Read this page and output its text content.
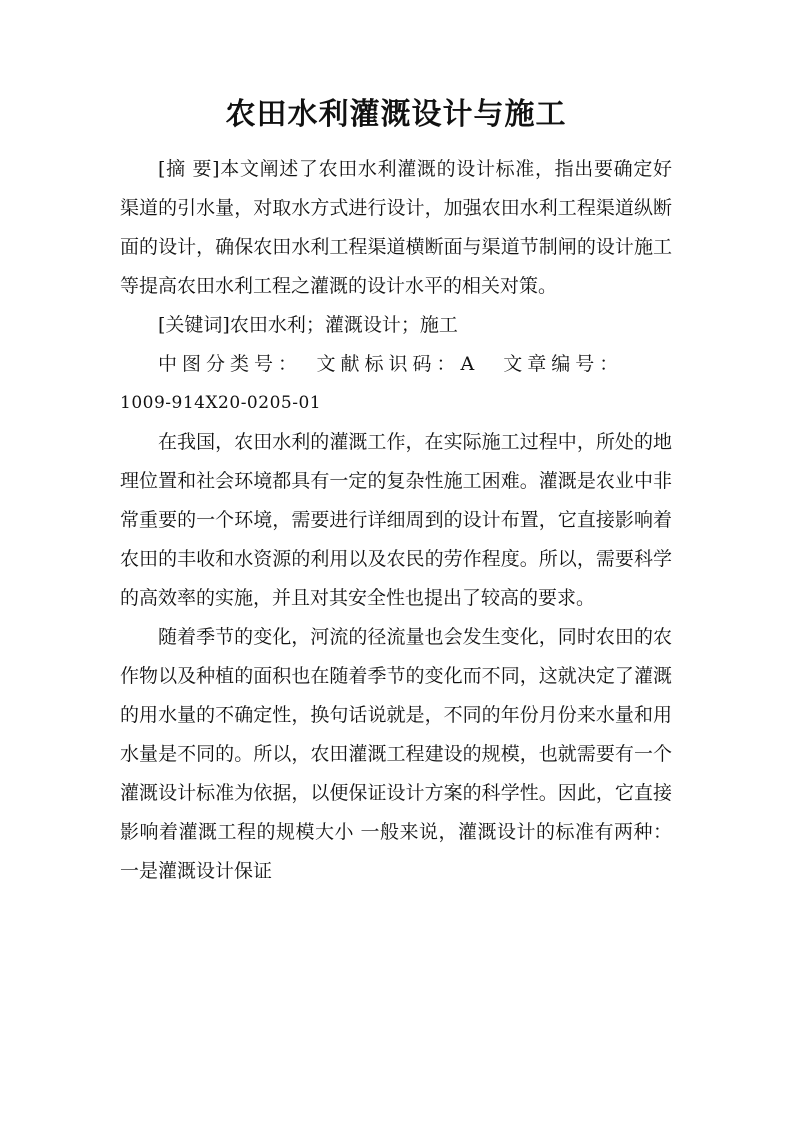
农田水利灌溉设计与施工

[摘 要]本文阐述了农田水利灌溉的设计标准，指出要确定好渠道的引水量，对取水方式进行设计，加强农田水利工程渠道纵断面的设计，确保农田水利工程渠道横断面与渠道节制闸的设计施工等提高农田水利工程之灌溉的设计水平的相关对策。

[关键词]农田水利；灌溉设计；施工

中图分类号：　文献标识码：A　文章编号：

1009-914X20-0205-01

在我国，农田水利的灌溉工作，在实际施工过程中，所处的地理位置和社会环境都具有一定的复杂性施工困难。灌溉是农业中非常重要的一个环境，需要进行详细周到的设计布置，它直接影响着农田的丰收和水资源的利用以及农民的劳作程度。所以，需要科学的高效率的实施，并且对其安全性也提出了较高的要求。

随着季节的变化，河流的径流量也会发生变化，同时农田的农作物以及种植的面积也在随着季节的变化而不同，这就决定了灌溉的用水量的不确定性，换句话说就是，不同的年份月份来水量和用水量是不同的。所以，农田灌溉工程建设的规模，也就需要有一个灌溉设计标准为依据，以便保证设计方案的科学性。因此，它直接影响着灌溉工程的规模大小 一般来说，灌溉设计的标准有两种： 一是灌溉设计保证
